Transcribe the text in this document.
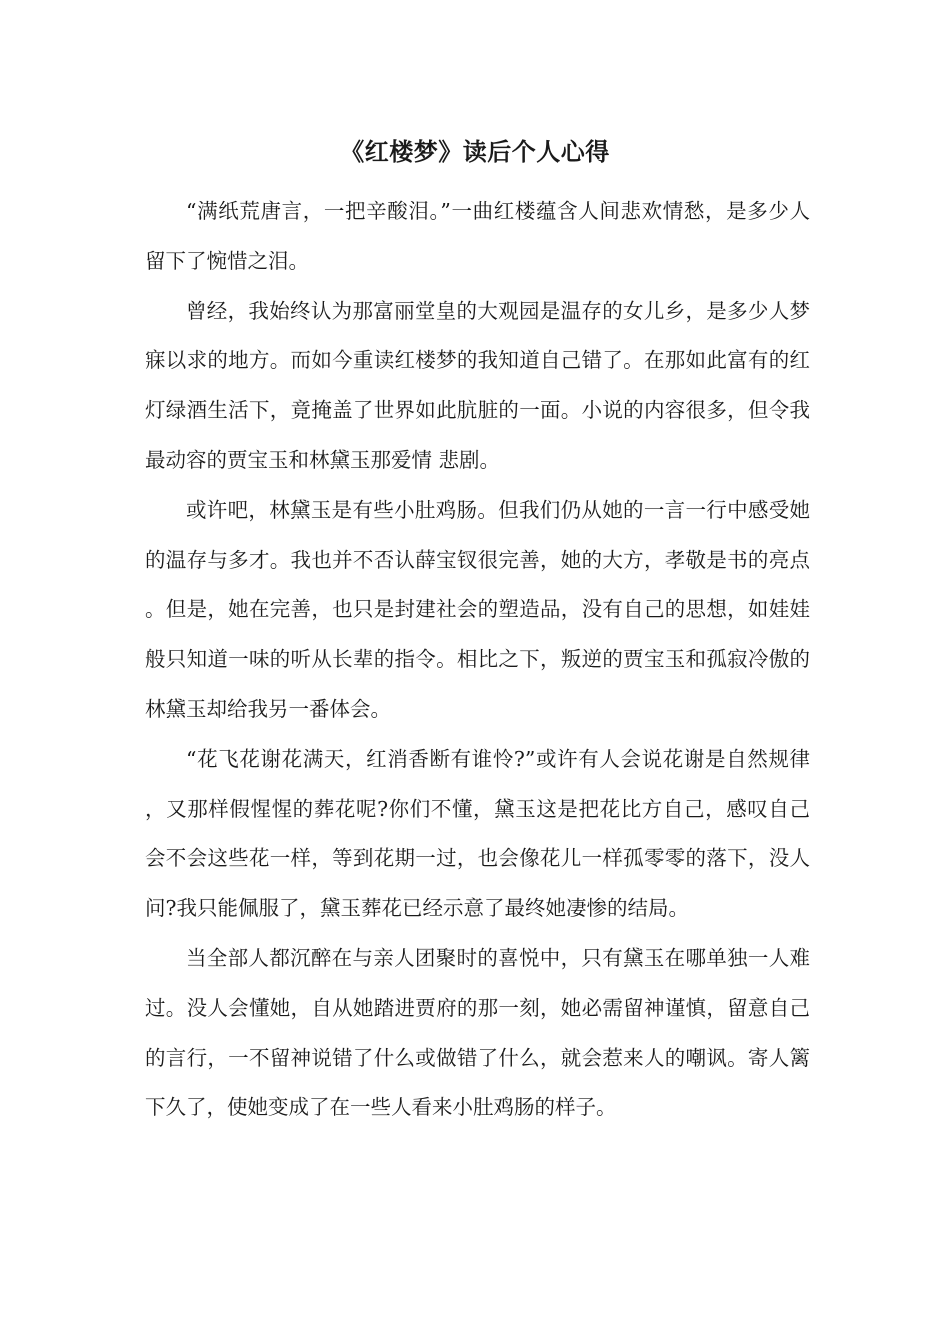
《红楼梦》读后个人心得

“满纸荒唐言，一把辛酸泪。”一曲红楼蕴含人间悲欢情愁，是多少人留下了惋惜之泪。

曾经，我始终认为那富丽堂皇的大观园是温存的女儿乡，是多少人梦寐以求的地方。而如今重读红楼梦的我知道自己错了。在那如此富有的红灯绿酒生活下，竟掩盖了世界如此肮脏的一面。小说的内容很多，但令我最动容的贾宝玉和林黛玉那爱情 悲剧。

或许吧，林黛玉是有些小肚鸡肠。但我们仍从她的一言一行中感受她的温存与多才。我也并不否认薛宝钗很完善，她的大方，孝敬是书的亮点。但是，她在完善，也只是封建社会的塑造品，没有自己的思想，如娃娃般只知道一味的听从长辈的指令。相比之下，叛逆的贾宝玉和孤寂冷傲的林黛玉却给我另一番体会。

“花飞花谢花满天，红消香断有谁怜?”或许有人会说花谢是自然规律，又那样假惺惺的葬花呢?你们不懂，黛玉这是把花比方自己，感叹自己会不会这些花一样，等到花期一过，也会像花儿一样孤零零的落下，没人问?我只能佩服了，黛玉葬花已经示意了最终她凄惨的结局。

当全部人都沉醉在与亲人团聚时的喜悦中，只有黛玉在哪单独一人难过。没人会懂她，自从她踏进贾府的那一刻，她必需留神谨慎，留意自己的言行，一不留神说错了什么或做错了什么，就会惹来人的嘲讽。寄人篱下久了，使她变成了在一些人看来小肚鸡肠的样子。
